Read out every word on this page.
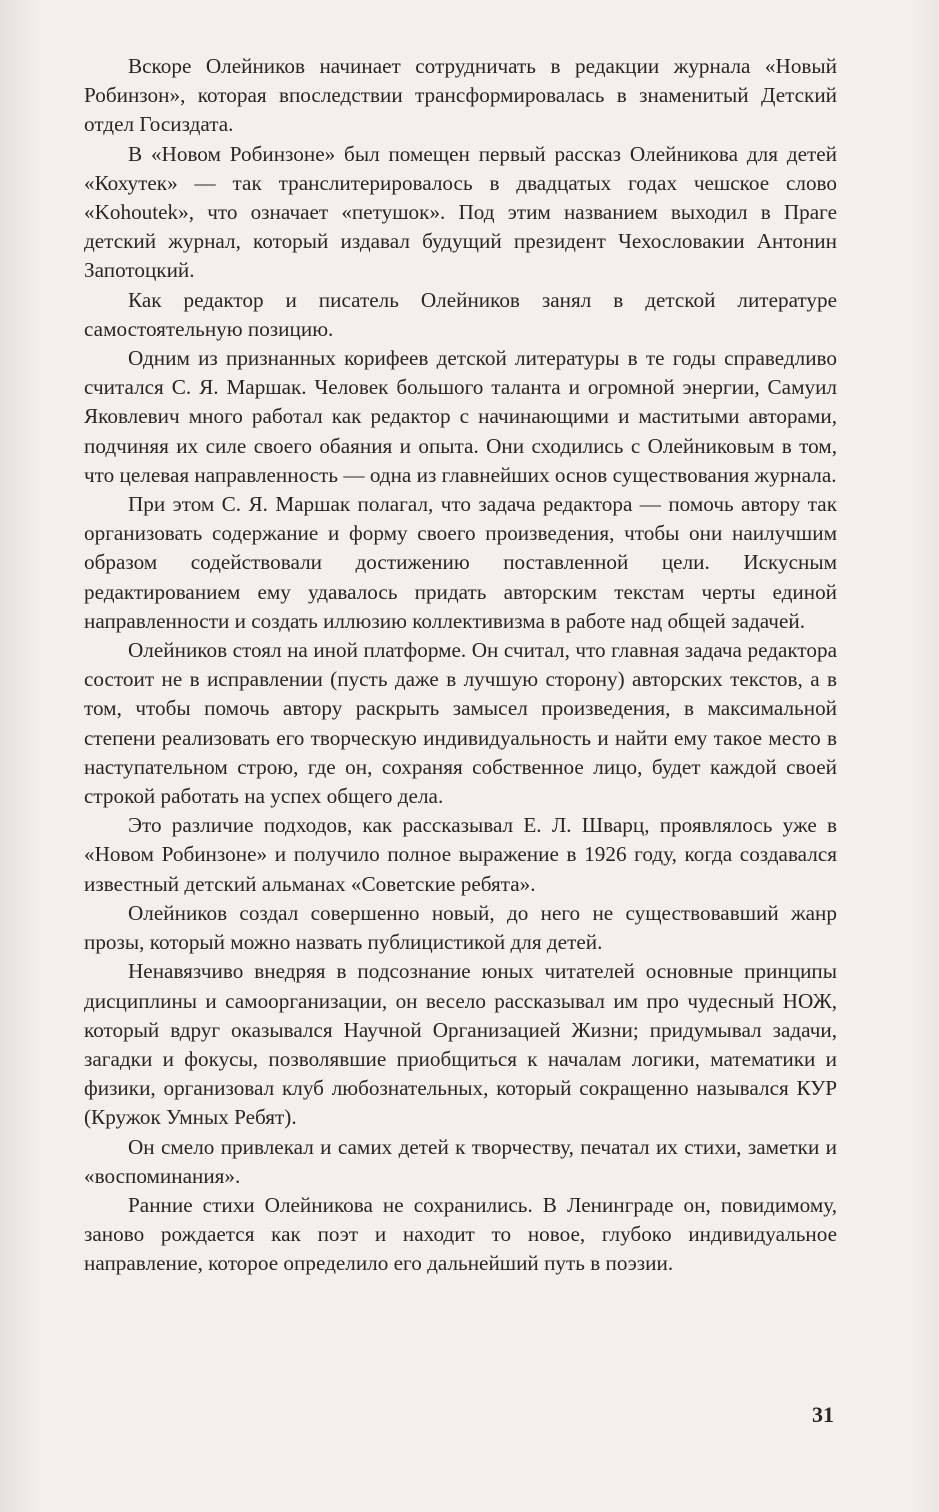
Вскоре Олейников начинает сотрудничать в редакции журнала «Новый Робинзон», которая впоследствии трансформировалась в знаменитый Детский отдел Госиздата.

В «Новом Робинзоне» был помещен первый рассказ Олейникова для детей «Кохутек» — так транслитерировалось в двадцатых годах чешское слово «Kohoutek», что означает «петушок». Под этим названием выходил в Праге детский журнал, который издавал будущий президент Чехословакии Антонин Запотоцкий.

Как редактор и писатель Олейников занял в детской литературе самостоятельную позицию.

Одним из признанных корифеев детской литературы в те годы справедливо считался С. Я. Маршак. Человек большого таланта и огромной энергии, Самуил Яковлевич много работал как редактор с начинающими и маститыми авторами, подчиняя их силе своего обаяния и опыта. Они сходились с Олейниковым в том, что целевая направленность — одна из главнейших основ существования журнала.

При этом С. Я. Маршак полагал, что задача редактора — помочь автору так организовать содержание и форму своего произведения, чтобы они наилучшим образом содействовали достижению поставленной цели. Искусным редактированием ему удавалось придать авторским текстам черты единой направленности и создать иллюзию коллективизма в работе над общей задачей.

Олейников стоял на иной платформе. Он считал, что главная задача редактора состоит не в исправлении (пусть даже в лучшую сторону) авторских текстов, а в том, чтобы помочь автору раскрыть замысел произведения, в максимальной степени реализовать его творческую индивидуальность и найти ему такое место в наступательном строю, где он, сохраняя собственное лицо, будет каждой своей строкой работать на успех общего дела.

Это различие подходов, как рассказывал Е. Л. Шварц, проявлялось уже в «Новом Робинзоне» и получило полное выражение в 1926 году, когда создавался известный детский альманах «Советские ребята».

Олейников создал совершенно новый, до него не существовавший жанр прозы, который можно назвать публицистикой для детей.

Ненавязчиво внедряя в подсознание юных читателей основные принципы дисциплины и самоорганизации, он весело рассказывал им про чудесный НОЖ, который вдруг оказывался Научной Организацией Жизни; придумывал задачи, загадки и фокусы, позволявшие приобщиться к началам логики, математики и физики, организовал клуб любознательных, который сокращенно назывался КУР (Кружок Умных Ребят).

Он смело привлекал и самих детей к творчеству, печатал их стихи, заметки и «воспоминания».

Ранние стихи Олейникова не сохранились. В Ленинграде он, повидимому, заново рождается как поэт и находит то новое, глубоко индивидуальное направление, которое определило его дальнейший путь в поэзии.

31
